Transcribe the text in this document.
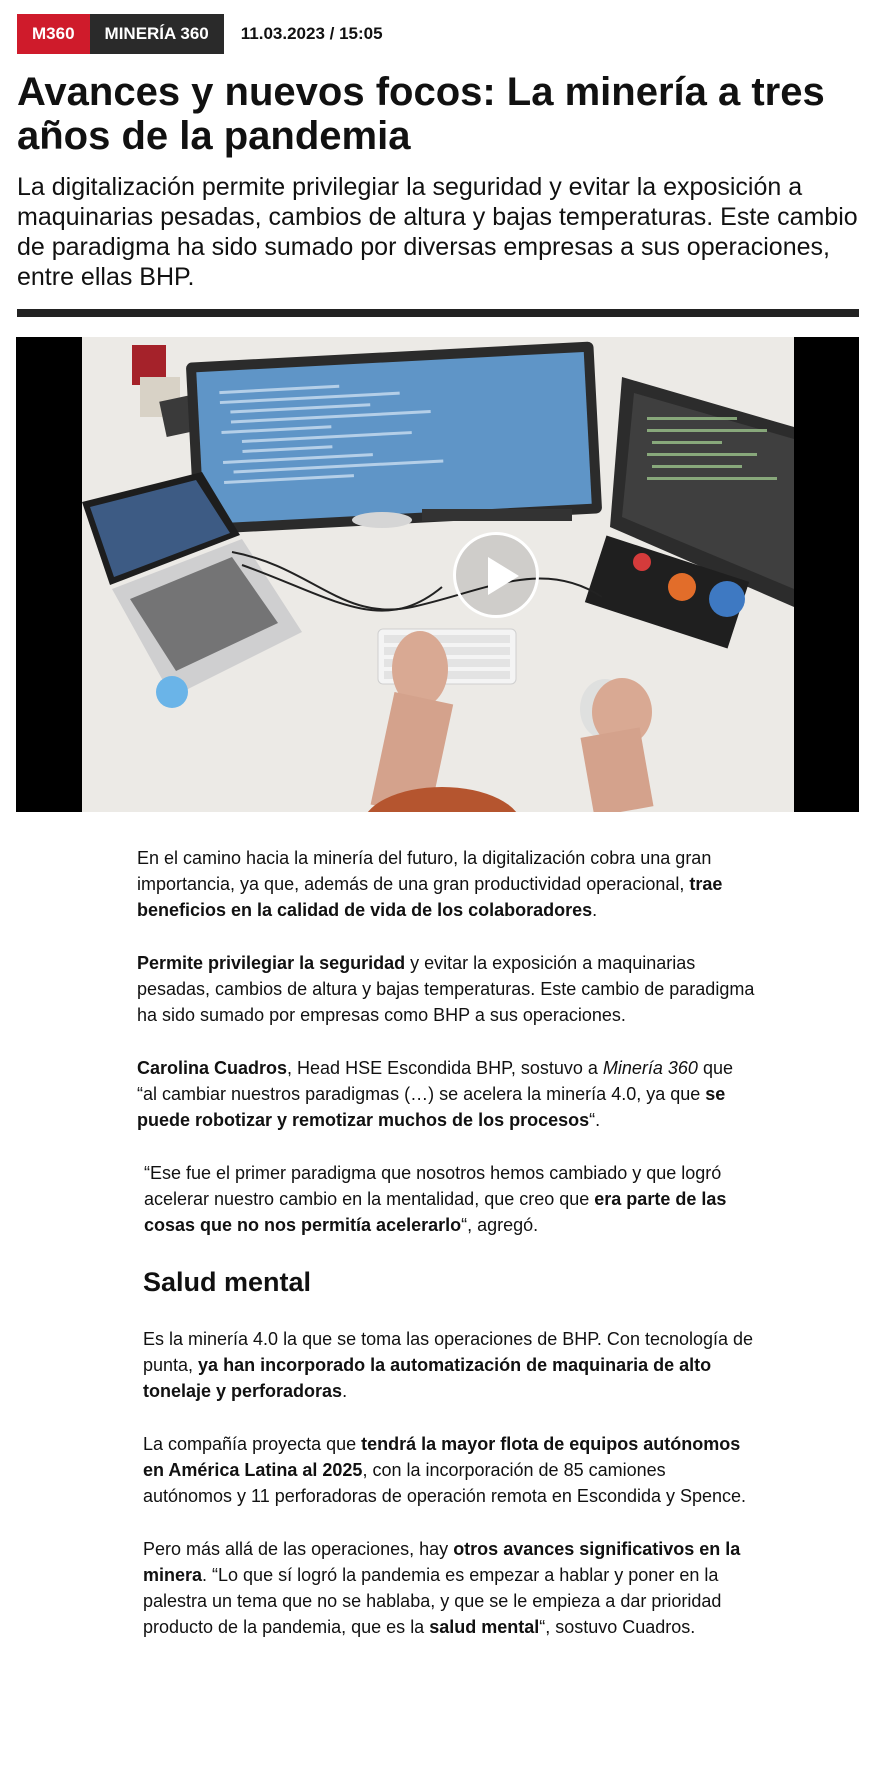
M360	MINERÍA 360	11.03.2023 / 15:05
Avances y nuevos focos: La minería a tres años de la pandemia

La digitalización permite privilegiar la seguridad y evitar la exposición a maquinarias pesadas, cambios de altura y bajas temperaturas. Este cambio de paradigma ha sido sumado por diversas empresas a sus operaciones, entre ellas BHP.

En el camino hacia la minería del futuro, la digitalización cobra una gran importancia, ya que, además de una gran productividad operacional, trae beneficios en la calidad de vida de los colaboradores.

Permite privilegiar la seguridad y evitar la exposición a maquinarias pesadas, cambios de altura y bajas temperaturas. Este cambio de paradigma ha sido sumado por empresas como BHP a sus operaciones.

Carolina Cuadros, Head HSE Escondida BHP, sostuvo a Minería 360 que “al cambiar nuestros paradigmas (…) se acelera la minería 4.0, ya que se puede robotizar y remotizar muchos de los procesos“.

“Ese fue el primer paradigma que nosotros hemos cambiado y que logró acelerar nuestro cambio en la mentalidad, que creo que era parte de las cosas que no nos permitía acelerarlo“, agregó.

Salud mental

Es la minería 4.0 la que se toma las operaciones de BHP. Con tecnología de punta, ya han incorporado la automatización de maquinaria de alto tonelaje y perforadoras.

La compañía proyecta que tendrá la mayor flota de equipos autónomos en América Latina al 2025, con la incorporación de 85 camiones autónomos y 11 perforadoras de operación remota en Escondida y Spence.

Pero más allá de las operaciones, hay otros avances significativos en la minera. “Lo que sí logró la pandemia es empezar a hablar y poner en la palestra un tema que no se hablaba, y que se le empieza a dar prioridad producto de la pandemia, que es la salud mental“, sostuvo Cuadros.
